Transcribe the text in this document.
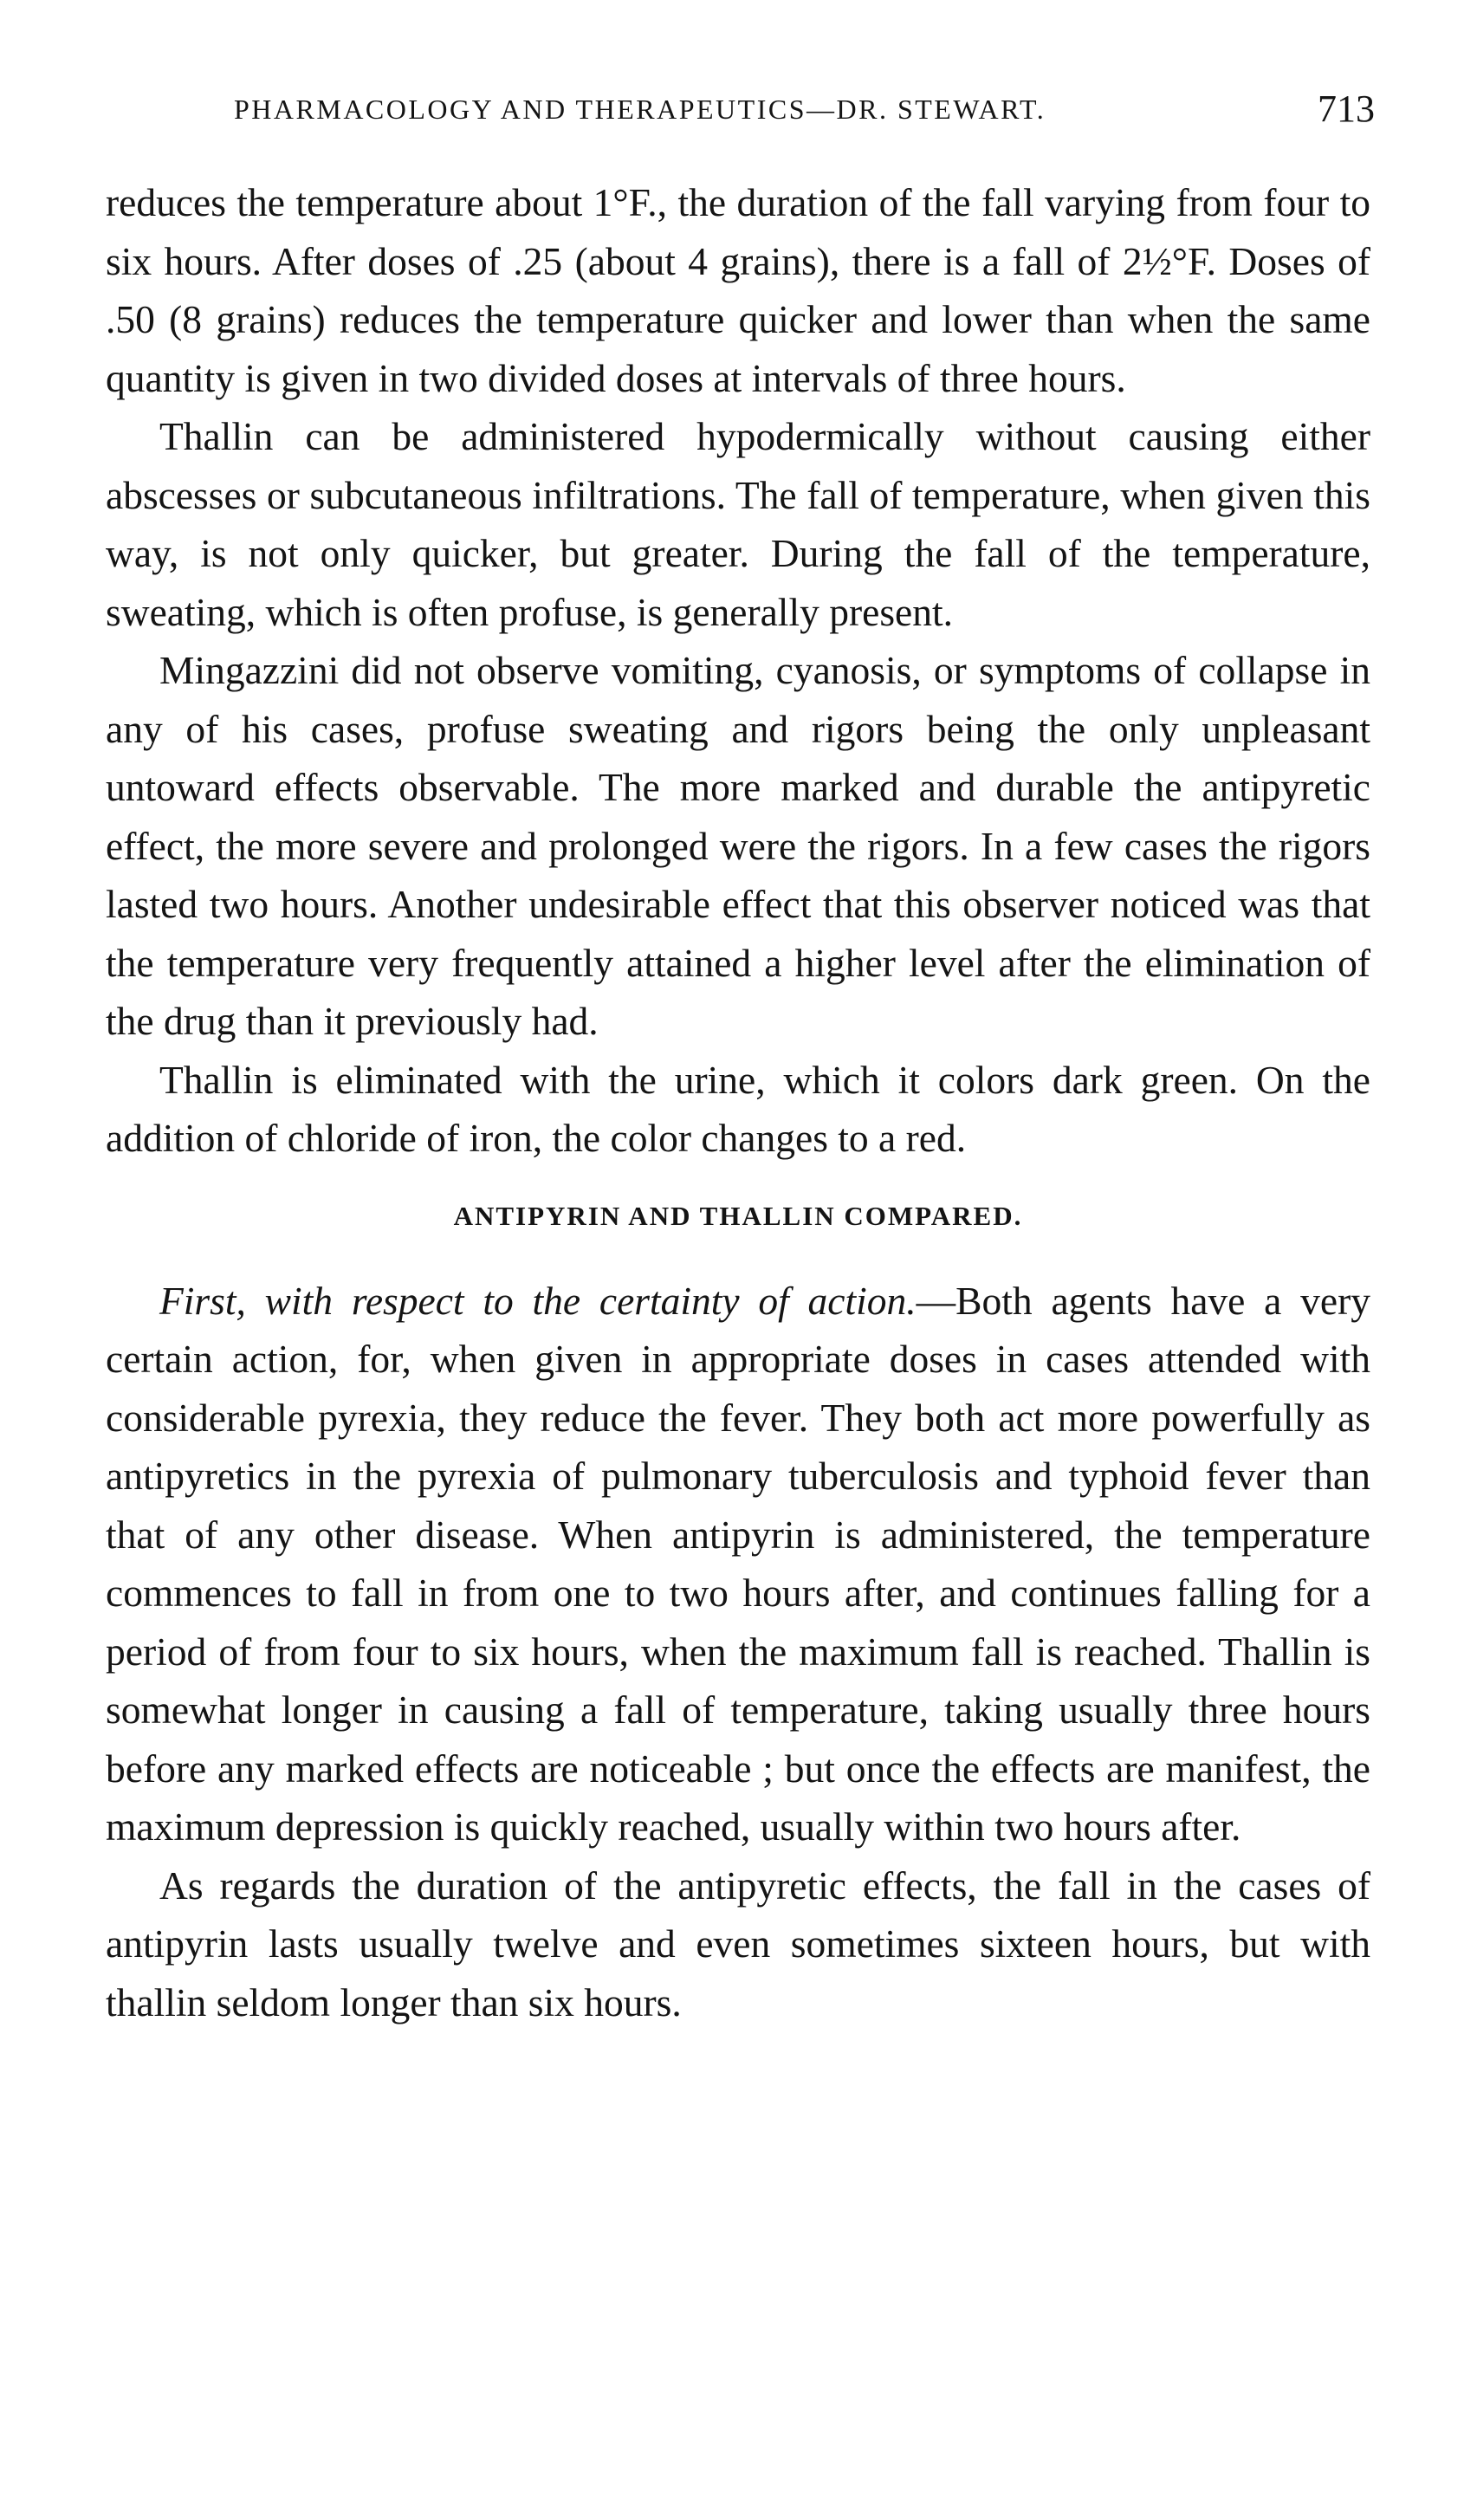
PHARMACOLOGY AND THERAPEUTICS—DR. STEWART.	713

reduces the temperature about 1°F., the duration of the fall varying from four to six hours. After doses of .25 (about 4 grains), there is a fall of 2½°F. Doses of .50 (8 grains) reduces the temperature quicker and lower than when the same quantity is given in two divided doses at intervals of three hours.

Thallin can be administered hypodermically without causing either abscesses or subcutaneous infiltrations. The fall of temperature, when given this way, is not only quicker, but greater. During the fall of the temperature, sweating, which is often profuse, is generally present.

Mingazzini did not observe vomiting, cyanosis, or symptoms of collapse in any of his cases, profuse sweating and rigors being the only unpleasant untoward effects observable. The more marked and durable the antipyretic effect, the more severe and prolonged were the rigors. In a few cases the rigors lasted two hours. Another undesirable effect that this observer noticed was that the temperature very frequently attained a higher level after the elimination of the drug than it previously had.

Thallin is eliminated with the urine, which it colors dark green. On the addition of chloride of iron, the color changes to a red.

ANTIPYRIN AND THALLIN COMPARED.

First, with respect to the certainty of action.—Both agents have a very certain action, for, when given in appropriate doses in cases attended with considerable pyrexia, they reduce the fever. They both act more powerfully as antipyretics in the pyrexia of pulmonary tuberculosis and typhoid fever than that of any other disease. When antipyrin is administered, the temperature commences to fall in from one to two hours after, and continues falling for a period of from four to six hours, when the maximum fall is reached. Thallin is somewhat longer in causing a fall of temperature, taking usually three hours before any marked effects are noticeable ; but once the effects are manifest, the maximum depression is quickly reached, usually within two hours after.

As regards the duration of the antipyretic effects, the fall in the cases of antipyrin lasts usually twelve and even sometimes sixteen hours, but with thallin seldom longer than six hours.
